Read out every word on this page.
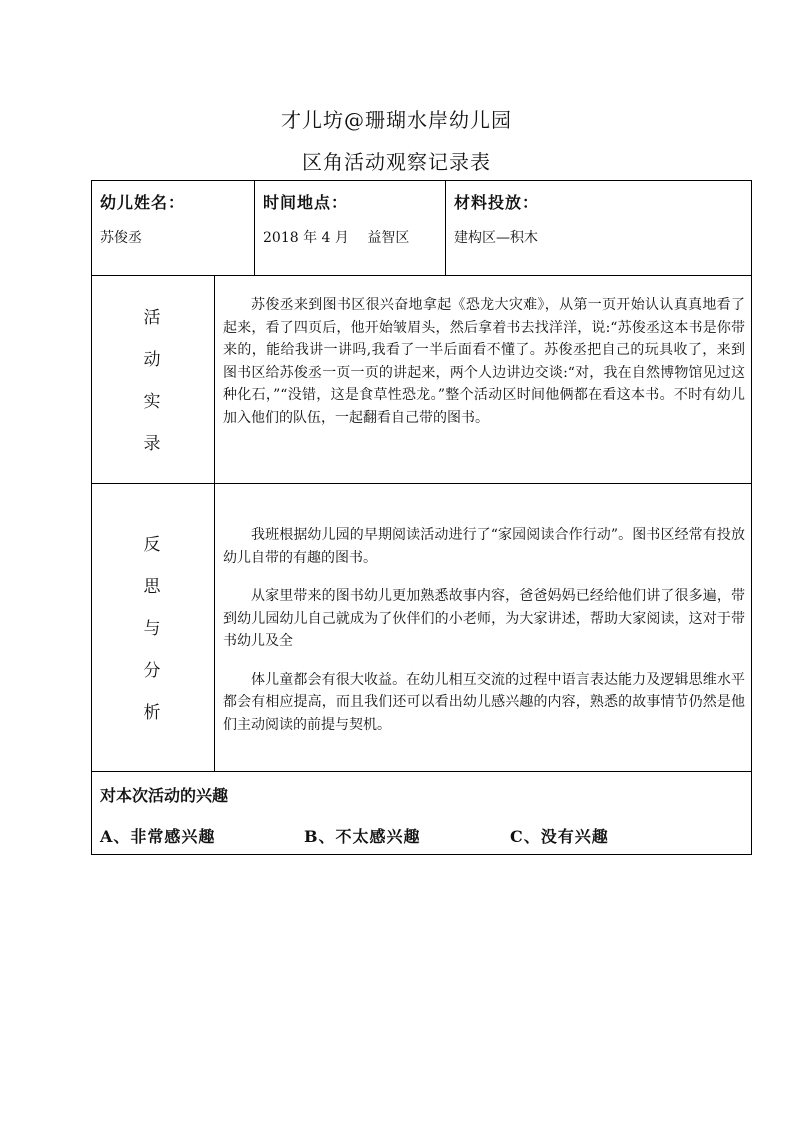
才儿坊@珊瑚水岸幼儿园
区角活动观察记录表
幼儿姓名：
苏俊丞
时间地点：
2018 年 4 月　 益智区
材料投放：
建构区—积木
活
动
实
录

苏俊丞来到图书区很兴奋地拿起《恐龙大灾难》，从第一页开始认认真真地看了起来，看了四页后，他开始皱眉头，然后拿着书去找洋洋，说:“苏俊丞这本书是你带来的，能给我讲一讲吗,我看了一半后面看不懂了。苏俊丞把自己的玩具收了，来到图书区给苏俊丞一页一页的讲起来，两个人边讲边交谈:“对，我在自然博物馆见过这种化石，”“没错，这是食草性恐龙。”整个活动区时间他俩都在看这本书。不时有幼儿加入他们的队伍，一起翻看自己带的图书。

反
思
与
分
析

我班根据幼儿园的早期阅读活动进行了“家园阅读合作行动”。图书区经常有投放幼儿自带的有趣的图书。

从家里带来的图书幼儿更加熟悉故事内容，爸爸妈妈已经给他们讲了很多遍，带到幼儿园幼儿自己就成为了伙伴们的小老师，为大家讲述，帮助大家阅读，这对于带书幼儿及全

体儿童都会有很大收益。在幼儿相互交流的过程中语言表达能力及逻辑思维水平都会有相应提高，而且我们还可以看出幼儿感兴趣的内容，熟悉的故事情节仍然是他们主动阅读的前提与契机。

对本次活动的兴趣
A、非常感兴趣	B、不太感兴趣	C、没有兴趣
